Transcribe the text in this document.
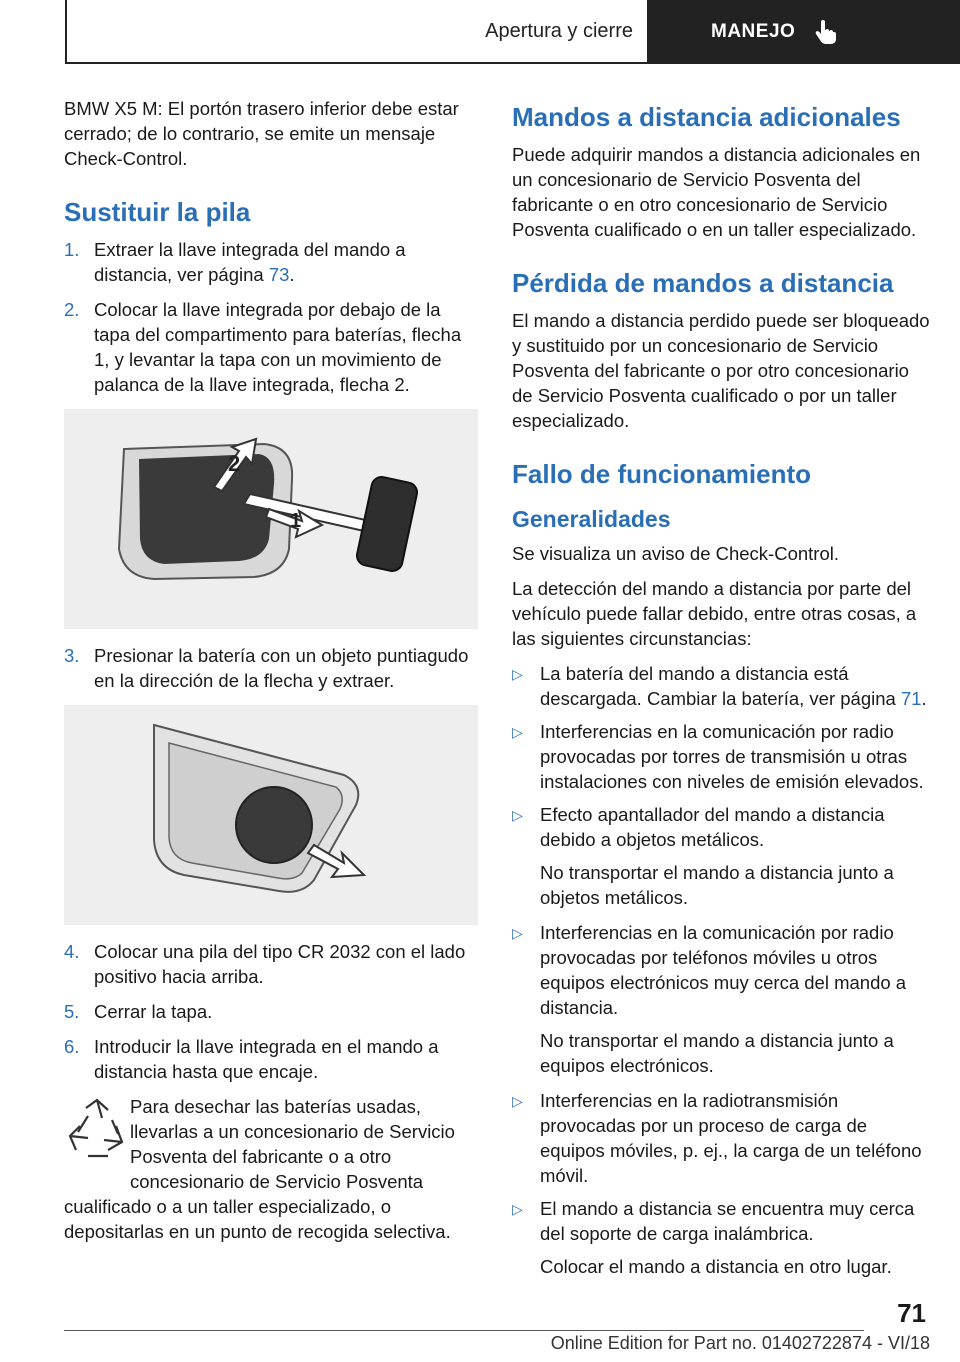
Apertura y cierre	MANEJO

BMW X5 M: El portón trasero inferior debe estar cerrado; de lo contrario, se emite un mensaje Check-Control.

Sustituir la pila
1. Extraer la llave integrada del mando a distancia, ver página 73.
2. Colocar la llave integrada por debajo de la tapa del compartimento para baterías, flecha 1, y levantar la tapa con un movimiento de palanca de la llave integrada, flecha 2.
2
1
3. Presionar la batería con un objeto puntiagudo en la dirección de la flecha y extraer.
4. Colocar una pila del tipo CR 2032 con el lado positivo hacia arriba.
5. Cerrar la tapa.
6. Introducir la llave integrada en el mando a distancia hasta que encaje.
Para desechar las baterías usadas, llevarlas a un concesionario de Servicio Posventa del fabricante o a otro concesionario de Servicio Posventa cualificado o a un taller especializado, o depositarlas en un punto de recogida selectiva.
Mandos a distancia adicionales

Puede adquirir mandos a distancia adicionales en un concesionario de Servicio Posventa del fabricante o en otro concesionario de Servicio Posventa cualificado o en un taller especializado.

Pérdida de mandos a distancia

El mando a distancia perdido puede ser bloqueado y sustituido por un concesionario de Servicio Posventa del fabricante o por otro concesionario de Servicio Posventa cualificado o por un taller especializado.

Fallo de funcionamiento
Generalidades

Se visualiza un aviso de Check-Control.

La detección del mando a distancia por parte del vehículo puede fallar debido, entre otras cosas, a las siguientes circunstancias:

▷ La batería del mando a distancia está descargada. Cambiar la batería, ver página 71.
▷ Interferencias en la comunicación por radio provocadas por torres de transmisión u otras instalaciones con niveles de emisión elevados.
▷ Efecto apantallador del mando a distancia debido a objetos metálicos.
No transportar el mando a distancia junto a objetos metálicos.
▷ Interferencias en la comunicación por radio provocadas por teléfonos móviles u otros equipos electrónicos muy cerca del mando a distancia.
No transportar el mando a distancia junto a equipos electrónicos.
▷ Interferencias en la radiotransmisión provocadas por un proceso de carga de equipos móviles, p. ej., la carga de un teléfono móvil.
▷ El mando a distancia se encuentra muy cerca del soporte de carga inalámbrica.
Colocar el mando a distancia en otro lugar.
71
Online Edition for Part no. 01402722874 - VI/18
